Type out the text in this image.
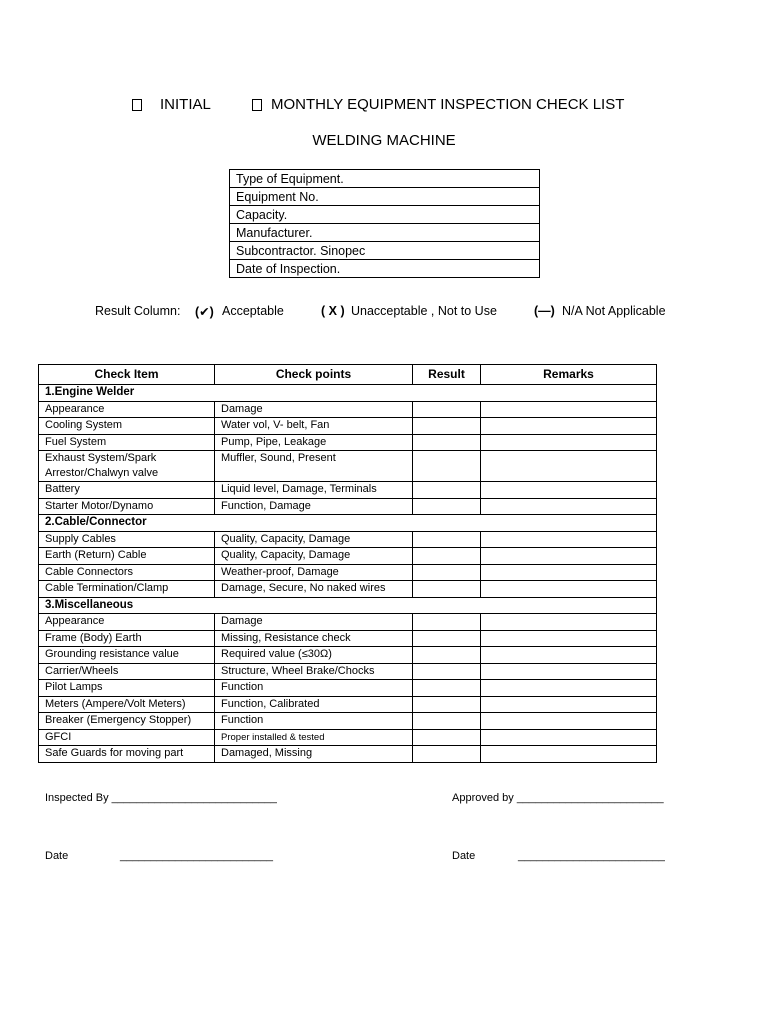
INITIAL	MONTHLY EQUIPMENT INSPECTION CHECK LIST
WELDING MACHINE
Type of Equipment.
Equipment No.
Capacity.
Manufacturer.
Subcontractor. Sinopec
Date of Inspection.
Result Column: (✔) Acceptable	( X ) Unacceptable , Not to Use	(—) N/A Not Applicable
Check Item	Check points	Result	Remarks
1.Engine Welder			
Appearance	Damage		
Cooling System	Water vol, V- belt, Fan		
Fuel System	Pump, Pipe, Leakage		
Exhaust System/Spark Arrestor/Chalwyn valve	Muffler, Sound, Present		
Battery	Liquid level, Damage, Terminals		
Starter Motor/Dynamo	Function, Damage		
2.Cable/Connector			
Supply Cables	Quality, Capacity, Damage		
Earth (Return) Cable	Quality, Capacity, Damage		
Cable Connectors	Weather-proof, Damage		
Cable Termination/Clamp	Damage, Secure, No naked wires		
3.Miscellaneous			
Appearance	Damage		
Frame (Body) Earth	Missing, Resistance check		
Grounding resistance value	Required value (≤30Ω)		
Carrier/Wheels	Structure, Wheel Brake/Chocks		
Pilot Lamps	Function		
Meters (Ampere/Volt Meters)	Function, Calibrated		
Breaker (Emergency Stopper)	Function		
GFCI	Proper installed & tested		
Safe Guards for moving part	Damaged, Missing		
Inspected By ___________________________	Approved by ________________________
Date	_________________________	Date	________________________
